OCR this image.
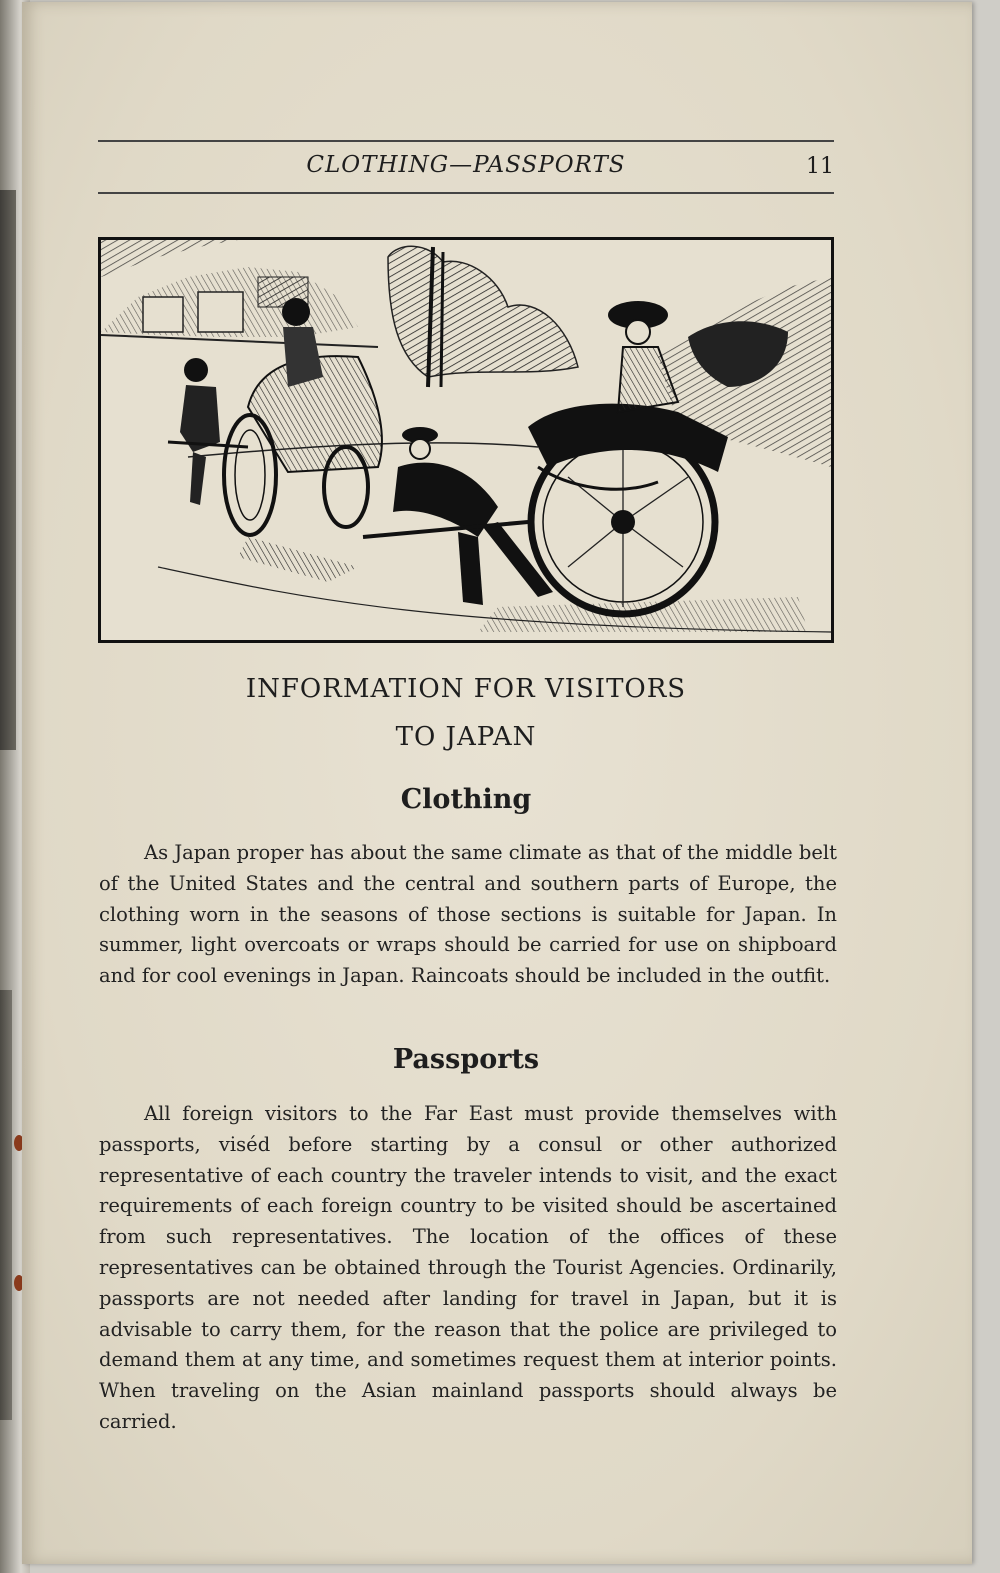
CLOTHING—PASSPORTS	11
INFORMATION FOR VISITORS
TO JAPAN
Clothing

As Japan proper has about the same climate as that of the middle belt of the United States and the central and southern parts of Europe, the clothing worn in the seasons of those sections is suitable for Japan. In summer, light overcoats or wraps should be carried for use on shipboard and for cool evenings in Japan. Raincoats should be included in the outfit.

Passports

All foreign visitors to the Far East must provide themselves with passports, viséd before starting by a consul or other authorized representative of each country the traveler intends to visit, and the exact requirements of each foreign country to be visited should be ascertained from such representatives. The location of the offices of these representatives can be obtained through the Tourist Agencies. Ordinarily, passports are not needed after landing for travel in Japan, but it is advisable to carry them, for the reason that the police are privileged to demand them at any time, and sometimes request them at interior points. When traveling on the Asian mainland passports should always be carried.
